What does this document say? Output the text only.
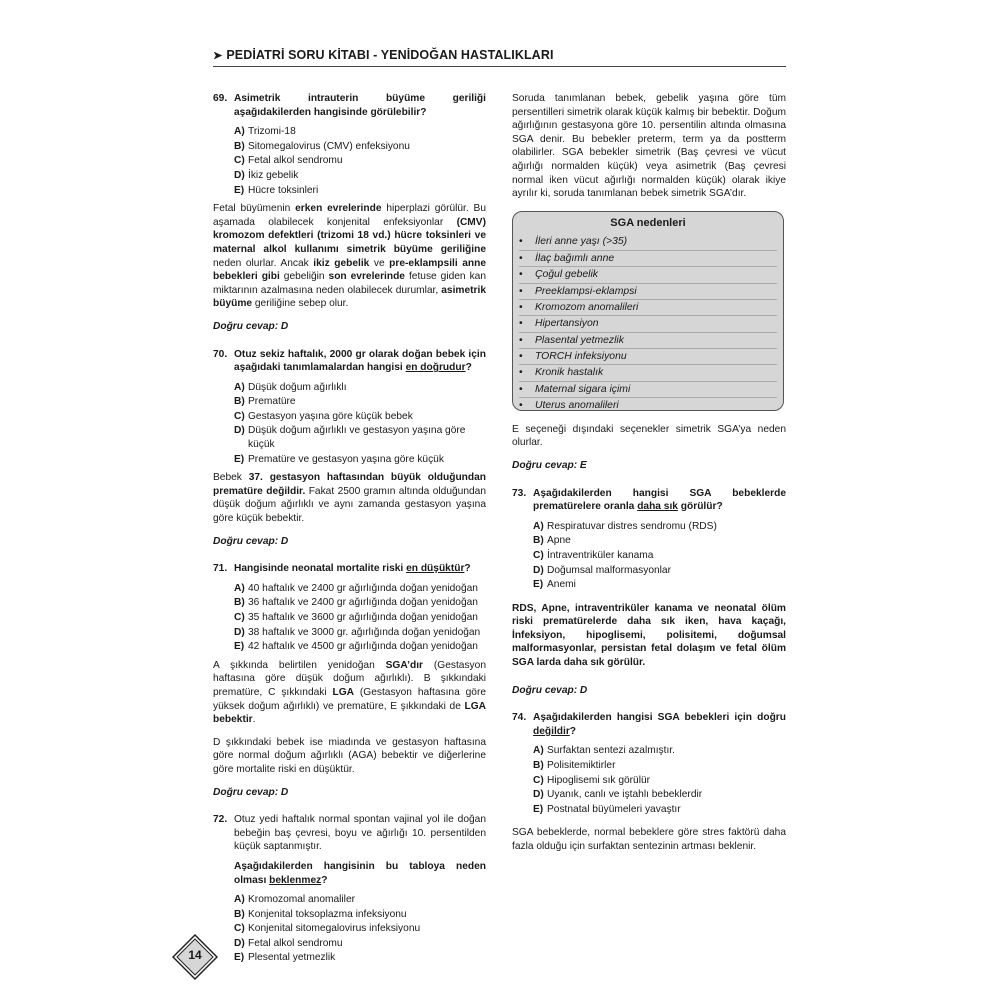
➤ PEDİATRİ SORU KİTABI - YENİDOĞAN HASTALIKLARI
69. Asimetrik intrauterin büyüme geriliği aşağıdakilerden hangisinde görülebilir?
A) Trizomi-18
B) Sitomegalovirus (CMV) enfeksiyonu
C) Fetal alkol sendromu
D) İkiz gebelik
E) Hücre toksinleri
Fetal büyümenin erken evrelerinde hiperplazi görülür. Bu aşamada olabilecek konjenital enfeksiyonlar (CMV) kromozom defektleri (trizomi 18 vd.) hücre toksinleri ve maternal alkol kullanımı simetrik büyüme geriliğine neden olurlar. Ancak ikiz gebelik ve pre-eklampsili anne bebekleri gibi gebeliğin son evrelerinde fetuse giden kan miktarının azalmasına neden olabilecek durumlar, asimetrik büyüme geriliğine sebep olur.
Doğru cevap: D
70. Otuz sekiz haftalık, 2000 gr olarak doğan bebek için aşağıdaki tanımlamalardan hangisi en doğrudur?
A) Düşük doğum ağırlıklı
B) Prematüre
C) Gestasyon yaşına göre küçük bebek
D) Düşük doğum ağırlıklı ve gestasyon yaşına göre küçük
E) Prematüre ve gestasyon yaşına göre küçük
Bebek 37. gestasyon haftasından büyük olduğundan prematüre değildir. Fakat 2500 gramın altında olduğundan düşük doğum ağırlıklı ve aynı zamanda gestasyon yaşına göre küçük bebektir.
Doğru cevap: D
71. Hangisinde neonatal mortalite riski en düşüktür?
A) 40 haftalık ve 2400 gr ağırlığında doğan yenidoğan
B) 36 haftalık ve 2400 gr ağırlığında doğan yenidoğan
C) 35 haftalık ve 3600 gr ağırlığında doğan yenidoğan
D) 38 haftalık ve 3000 gr. ağırlığında doğan yenidoğan
E) 42 haftalık ve 4500 gr ağırlığında doğan yenidoğan
A şıkkında belirtilen yenidoğan SGA’dır (Gestasyon haftasına göre düşük doğum ağırlıklı). B şıkkındaki prematüre, C şıkkındaki LGA (Gestasyon haftasına göre yüksek doğum ağırlıklı) ve prematüre, E şıkkındaki de LGA bebektir.
D şıkkındaki bebek ise miadında ve gestasyon haftasına göre normal doğum ağırlıklı (AGA) bebektir ve diğerlerine göre mortalite riski en düşüktür.
Doğru cevap: D
72. Otuz yedi haftalık normal spontan vajinal yol ile doğan bebeğin baş çevresi, boyu ve ağırlığı 10. persentilden küçük saptanmıştır.
Aşağıdakilerden hangisinin bu tabloya neden olması beklenmez?
A) Kromozomal anomaliler
B) Konjenital toksoplazma infeksiyonu
C) Konjenital sitomegalovirus infeksiyonu
D) Fetal alkol sendromu
E) Plesental yetmezlik
Soruda tanımlanan bebek, gebelik yaşına göre tüm persentilleri simetrik olarak küçük kalmış bir bebektir. Doğum ağırlığının gestasyona göre 10. persentilin altında olmasına SGA denir. Bu bebekler preterm, term ya da postterm olabilirler. SGA bebekler simetrik (Baş çevresi ve vücut ağırlığı normalden küçük) veya asimetrik (Baş çevresi normal iken vücut ağırlığı normalden küçük) olarak ikiye ayrılır ki, soruda tanımlanan bebek simetrik SGA’dır.
SGA nedenleri
•	İleri anne yaşı (>35)
•	İlaç bağımlı anne
•	Çoğul gebelik
•	Preeklampsi-eklampsi
•	Kromozom anomalileri
•	Hipertansiyon
•	Plasental yetmezlik
•	TORCH infeksiyonu
•	Kronik hastalık
•	Maternal sigara içimi
•	Uterus anomalileri
E seçeneği dışındaki seçenekler simetrik SGA’ya neden olurlar.
Doğru cevap: E
73. Aşağıdakilerden hangisi SGA bebeklerde prematürelere oranla daha sık görülür?
A) Respiratuvar distres sendromu (RDS)
B) Apne
C) İntraventriküler kanama
D) Doğumsal malformasyonlar
E) Anemi
RDS, Apne, intraventriküler kanama ve neonatal ölüm riski prematürelerde daha sık iken, hava kaçağı, İnfeksiyon, hipoglisemi, polisitemi, doğumsal malformasyonlar, persistan fetal dolaşım ve fetal ölüm SGA larda daha sık görülür.
Doğru cevap: D
74. Aşağıdakilerden hangisi SGA bebekleri için doğru değildir?
A) Surfaktan sentezi azalmıştır.
B) Polisitemiktirler
C) Hipoglisemi sık görülür
D) Uyanık, canlı ve iştahlı bebeklerdir
E) Postnatal büyümeleri yavaştır
SGA bebeklerde, normal bebeklere göre stres faktörü daha fazla olduğu için surfaktan sentezinin artması beklenir.
14
